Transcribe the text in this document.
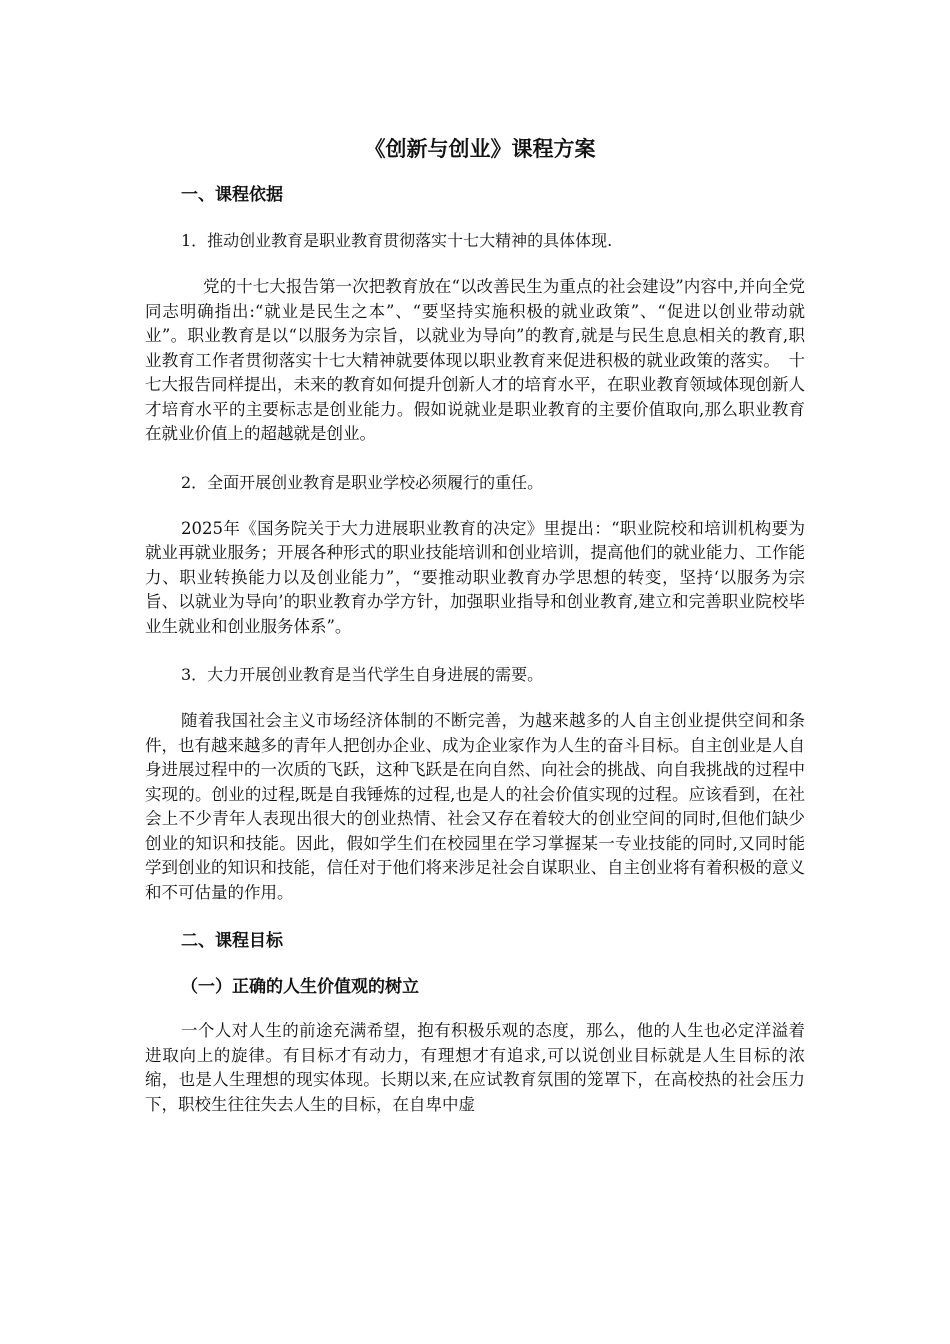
《创新与创业》课程方案
一、课程依据
1．推动创业教育是职业教育贯彻落实十七大精神的具体体现.

党的十七大报告第一次把教育放在“以改善民生为重点的社会建设”内容中,并向全党同志明确指出:“就业是民生之本”、“要坚持实施积极的就业政策”、“促进以创业带动就业”。职业教育是以“以服务为宗旨，以就业为导向”的教育,就是与民生息息相关的教育,职业教育工作者贯彻落实十七大精神就要体现以职业教育来促进积极的就业政策的落实。　十七大报告同样提出，未来的教育如何提升创新人才的培育水平，在职业教育领域体现创新人才培育水平的主要标志是创业能力。假如说就业是职业教育的主要价值取向,那么职业教育在就业价值上的超越就是创业。

2．全面开展创业教育是职业学校必须履行的重任。

2025年《国务院关于大力进展职业教育的决定》里提出：“职业院校和培训机构要为就业再就业服务；开展各种形式的职业技能培训和创业培训，提高他们的就业能力、工作能力、职业转换能力以及创业能力”，“要推动职业教育办学思想的转变，坚持‘以服务为宗旨、以就业为导向’的职业教育办学方针，加强职业指导和创业教育,建立和完善职业院校毕业生就业和创业服务体系”。

3．大力开展创业教育是当代学生自身进展的需要。

随着我国社会主义市场经济体制的不断完善，为越来越多的人自主创业提供空间和条件，也有越来越多的青年人把创办企业、成为企业家作为人生的奋斗目标。自主创业是人自身进展过程中的一次质的飞跃，这种飞跃是在向自然、向社会的挑战、向自我挑战的过程中实现的。创业的过程,既是自我锤炼的过程,也是人的社会价值实现的过程。应该看到，在社会上不少青年人表现出很大的创业热情、社会又存在着较大的创业空间的同时,但他们缺少创业的知识和技能。因此，假如学生们在校园里在学习掌握某一专业技能的同时,又同时能学到创业的知识和技能，信任对于他们将来涉足社会自谋职业、自主创业将有着积极的意义和不可估量的作用。

二、课程目标
（一）正确的人生价值观的树立

一个人对人生的前途充满希望，抱有积极乐观的态度，那么，他的人生也必定洋溢着进取向上的旋律。有目标才有动力，有理想才有追求,可以说创业目标就是人生目标的浓缩，也是人生理想的现实体现。长期以来,在应试教育氛围的笼罩下，在高校热的社会压力下，职校生往往失去人生的目标，在自卑中虚
